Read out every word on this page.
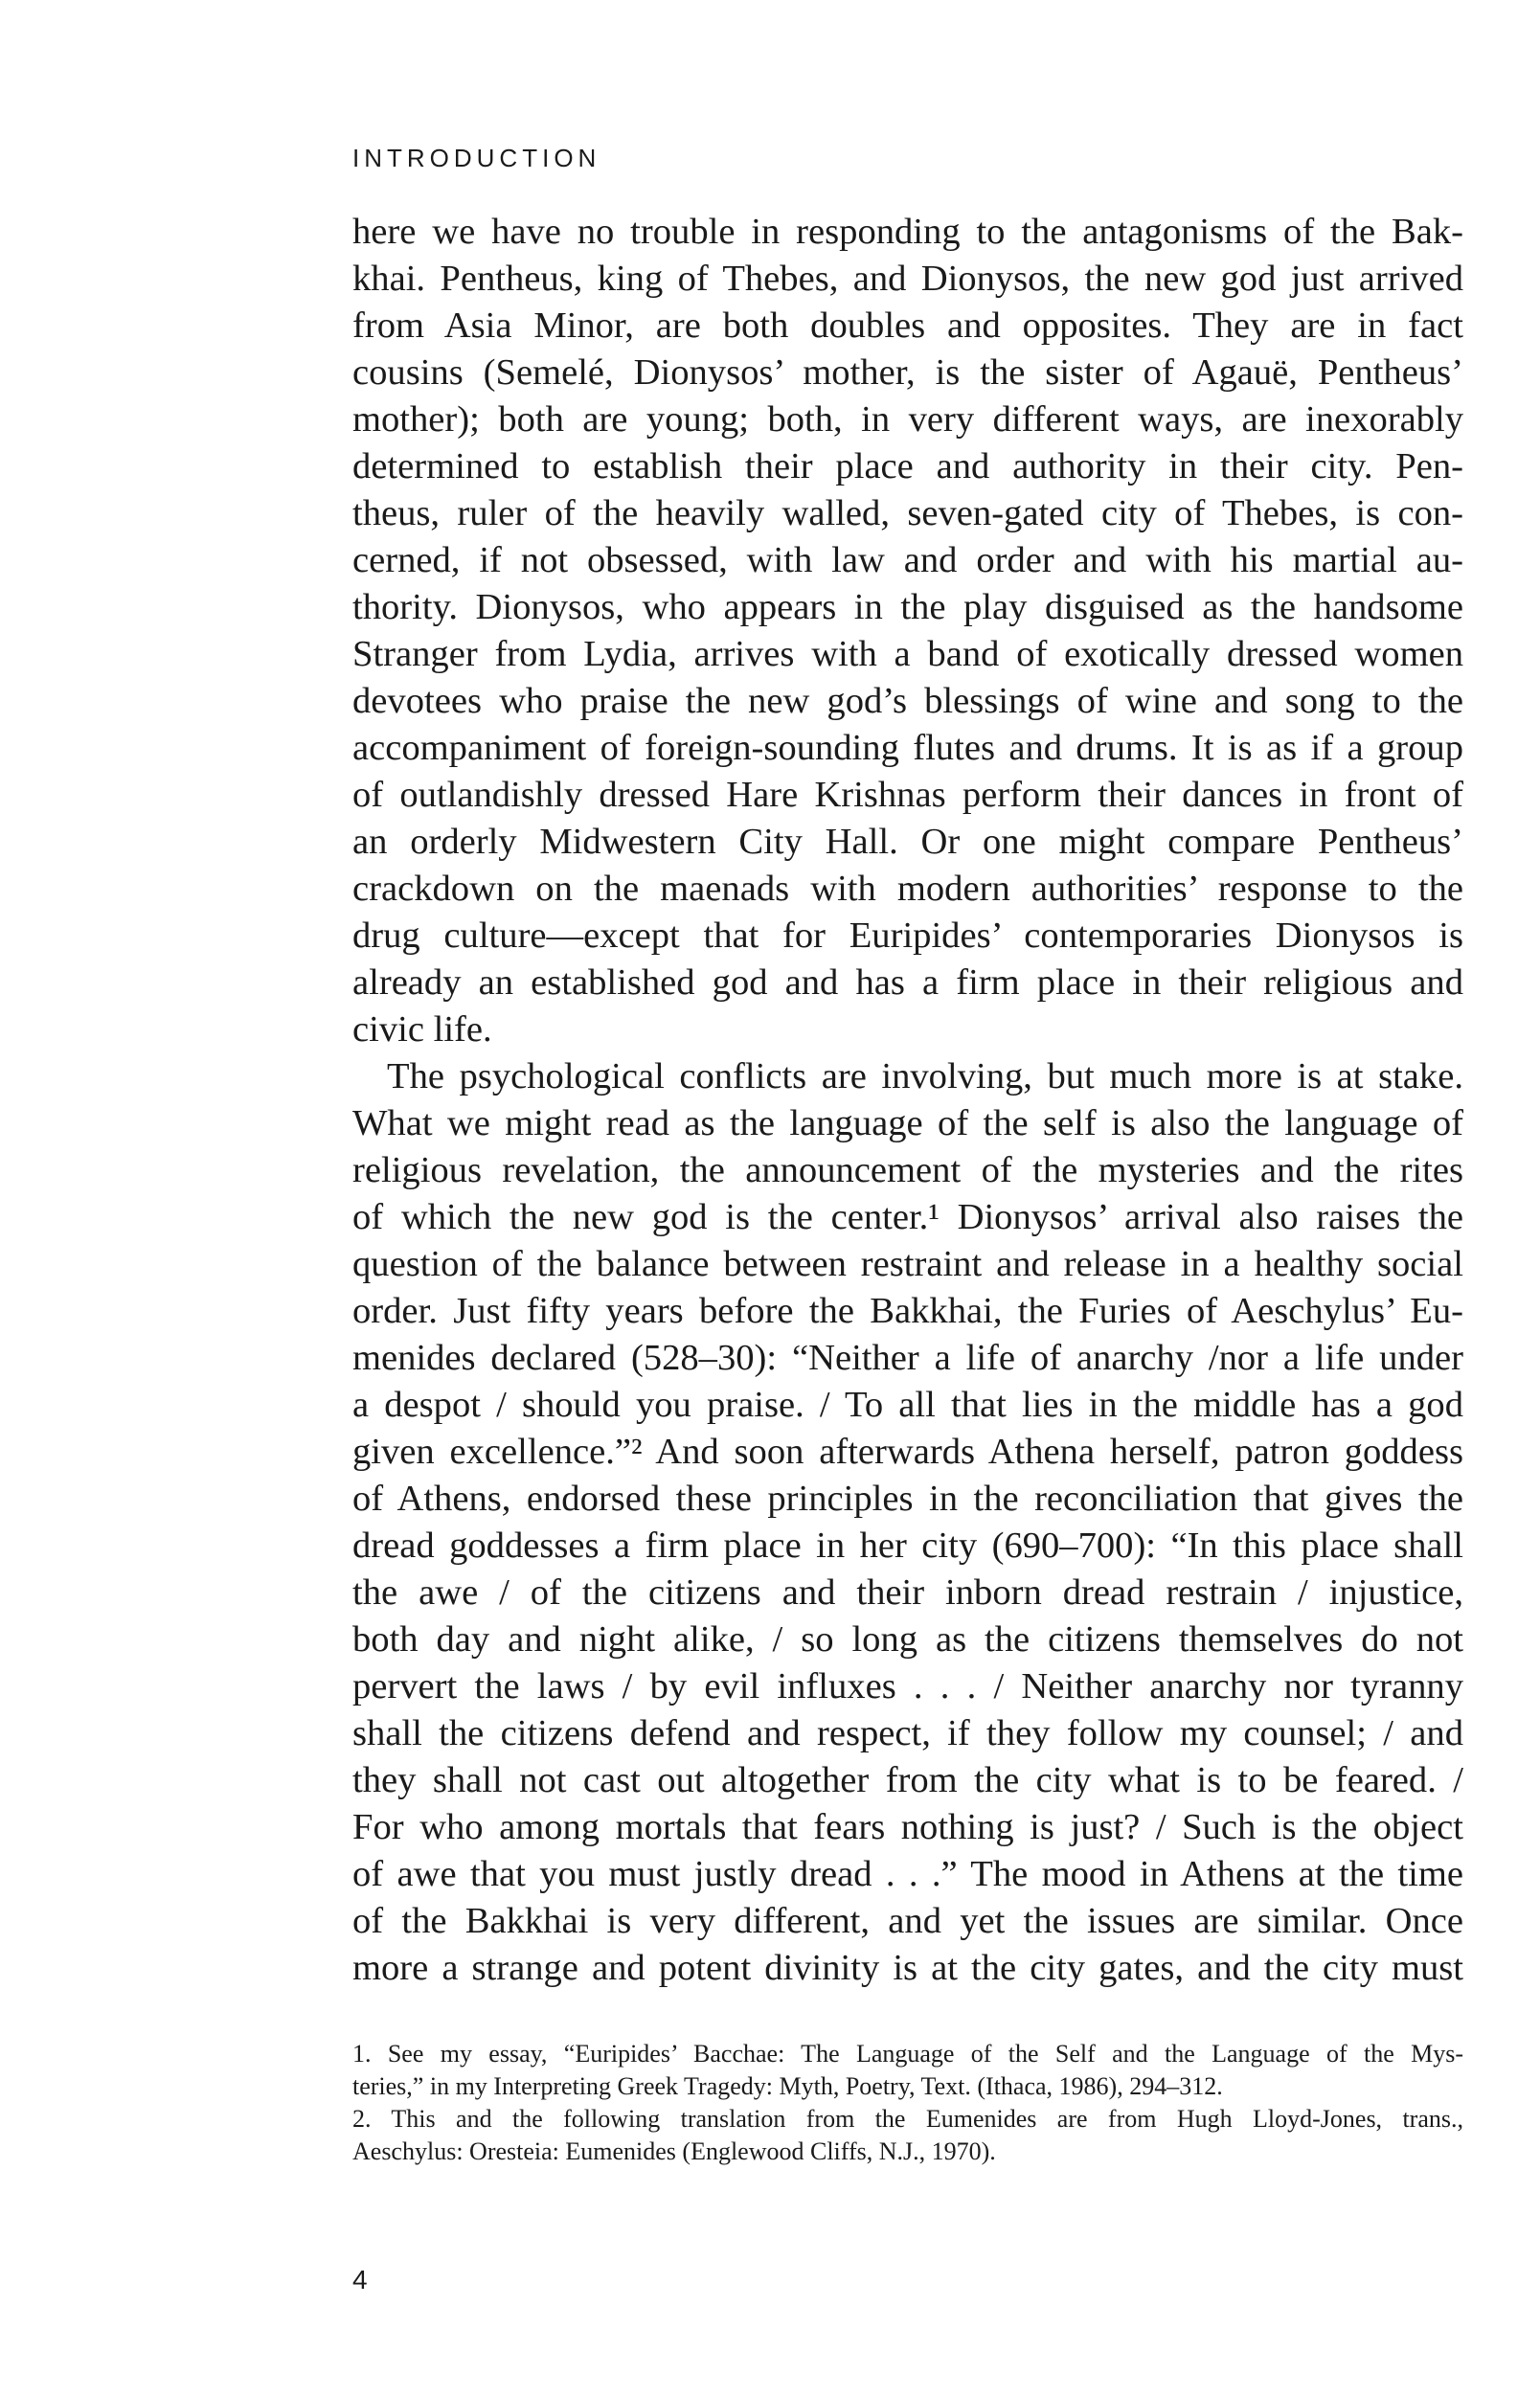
INTRODUCTION
here we have no trouble in responding to the antagonisms of the Bak-
khai. Pentheus, king of Thebes, and Dionysos, the new god just arrived
from Asia Minor, are both doubles and opposites. They are in fact
cousins (Semelé, Dionysos’ mother, is the sister of Agauë, Pentheus’
mother); both are young; both, in very different ways, are inexorably
determined to establish their place and authority in their city. Pen-
theus, ruler of the heavily walled, seven-gated city of Thebes, is con-
cerned, if not obsessed, with law and order and with his martial au-
thority. Dionysos, who appears in the play disguised as the handsome
Stranger from Lydia, arrives with a band of exotically dressed women
devotees who praise the new god’s blessings of wine and song to the
accompaniment of foreign-sounding flutes and drums. It is as if a group
of outlandishly dressed Hare Krishnas perform their dances in front of
an orderly Midwestern City Hall. Or one might compare Pentheus’
crackdown on the maenads with modern authorities’ response to the
drug culture—except that for Euripides’ contemporaries Dionysos is
already an established god and has a firm place in their religious and
civic life.
The psychological conflicts are involving, but much more is at stake.
What we might read as the language of the self is also the language of
religious revelation, the announcement of the mysteries and the rites
of which the new god is the center.¹ Dionysos’ arrival also raises the
question of the balance between restraint and release in a healthy social
order. Just fifty years before the Bakkhai, the Furies of Aeschylus’ Eu-
menides declared (528–30): “Neither a life of anarchy /nor a life under
a despot / should you praise. / To all that lies in the middle has a god
given excellence.”² And soon afterwards Athena herself, patron goddess
of Athens, endorsed these principles in the reconciliation that gives the
dread goddesses a firm place in her city (690–700): “In this place shall
the awe / of the citizens and their inborn dread restrain / injustice,
both day and night alike, / so long as the citizens themselves do not
pervert the laws / by evil influxes . . . / Neither anarchy nor tyranny
shall the citizens defend and respect, if they follow my counsel; / and
they shall not cast out altogether from the city what is to be feared. /
For who among mortals that fears nothing is just? / Such is the object
of awe that you must justly dread . . .” The mood in Athens at the time
of the Bakkhai is very different, and yet the issues are similar. Once
more a strange and potent divinity is at the city gates, and the city must
1. See my essay, “Euripides’ Bacchae: The Language of the Self and the Language of the Mys-
teries,” in my Interpreting Greek Tragedy: Myth, Poetry, Text. (Ithaca, 1986), 294–312.
2. This and the following translation from the Eumenides are from Hugh Lloyd-Jones, trans.,
Aeschylus: Oresteia: Eumenides (Englewood Cliffs, N.J., 1970).
4
